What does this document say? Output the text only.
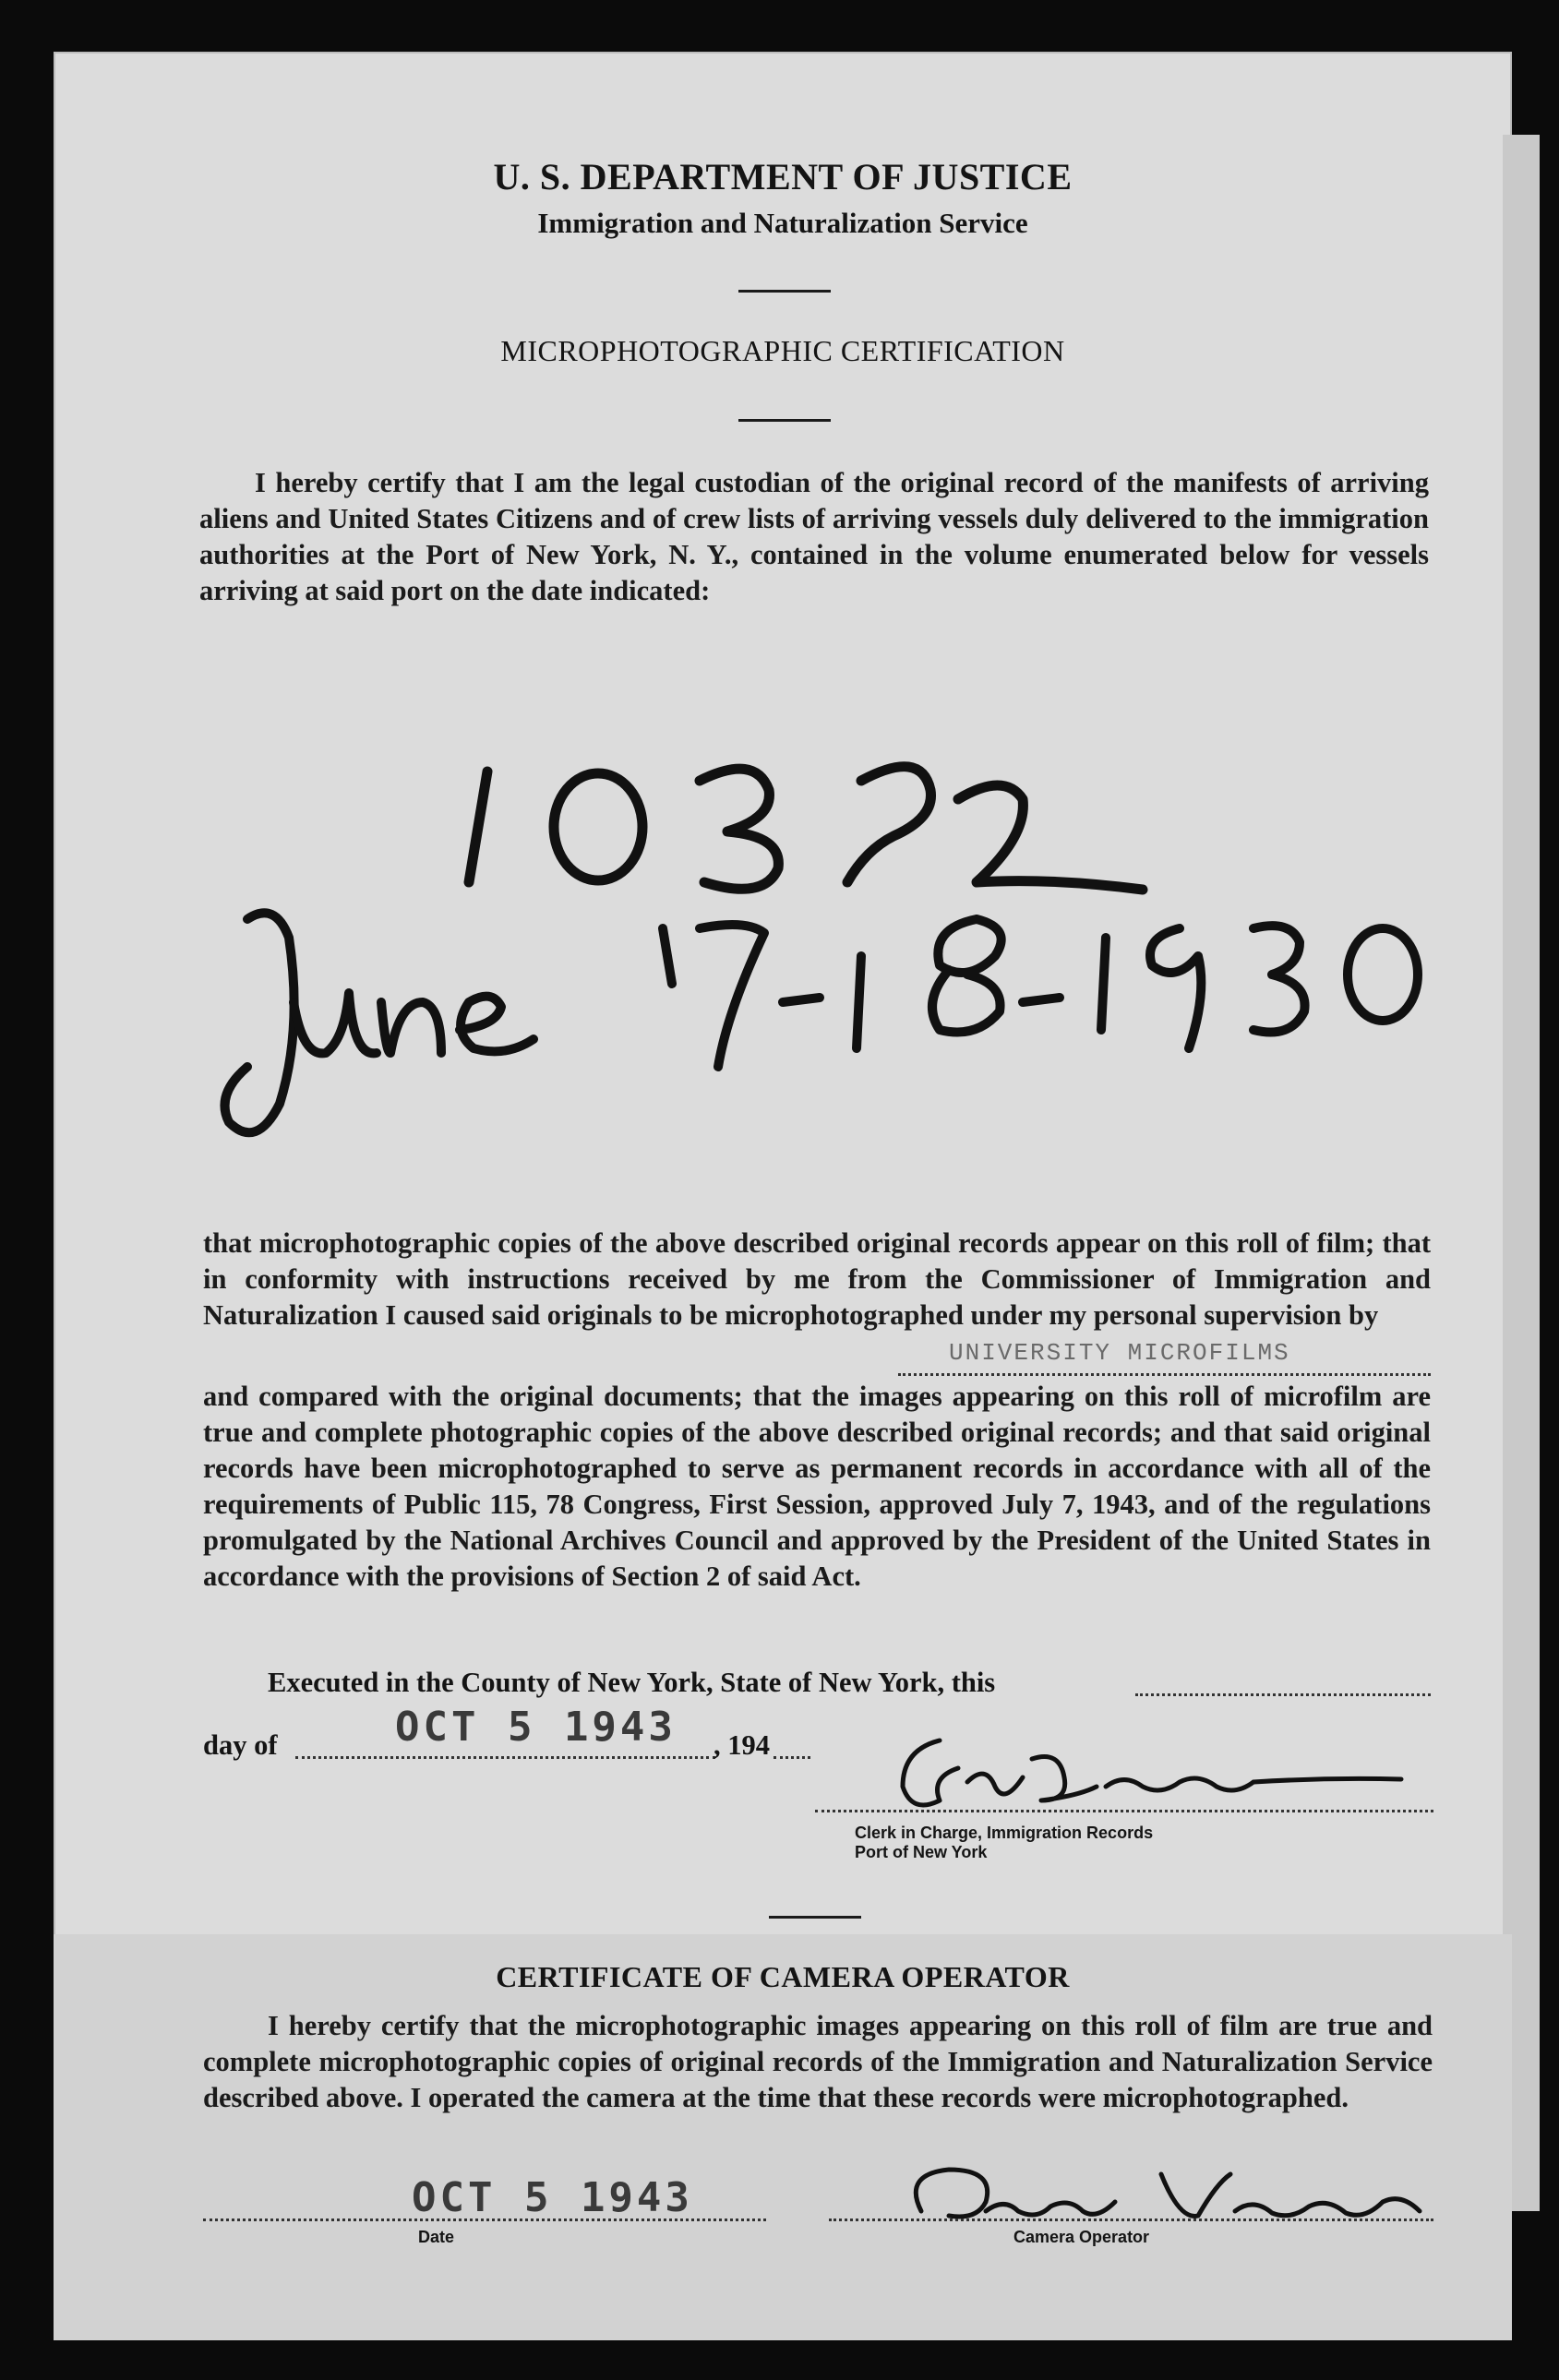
U. S. DEPARTMENT OF JUSTICE
Immigration and Naturalization Service
MICROPHOTOGRAPHIC CERTIFICATION

I hereby certify that I am the legal custodian of the original record of the manifests of arriving aliens and United States Citizens and of crew lists of arriving vessels duly delivered to the immigration authorities at the Port of New York, N. Y., contained in the volume enumerated below for vessels arriving at said port on the date indicated:

that microphotographic copies of the above described original records appear on this roll of film; that in conformity with instructions received by me from the Commissioner of Immigration and Naturalization I caused said originals to be microphotographed under my personal supervision by

UNIVERSITY MICROFILMS

and compared with the original documents; that the images appearing on this roll of microfilm are true and complete photographic copies of the above described original records; and that said original records have been microphotographed to serve as permanent records in accordance with all of the requirements of Public 115, 78 Congress, First Session, approved July 7, 1943, and of the regulations promulgated by the National Archives Council and approved by the President of the United States in accordance with the provisions of Section 2 of said Act.

Executed in the County of New York, State of New York, this
day of	OCT 5 1943 , 194
Clerk in Charge, Immigration Records
Port of New York
CERTIFICATE OF CAMERA OPERATOR

I hereby certify that the microphotographic images appearing on this roll of film are true and complete microphotographic copies of original records of the Immigration and Naturalization Service described above. I operated the camera at the time that these records were microphotographed.

OCT 5 1943
Date	Camera Operator
